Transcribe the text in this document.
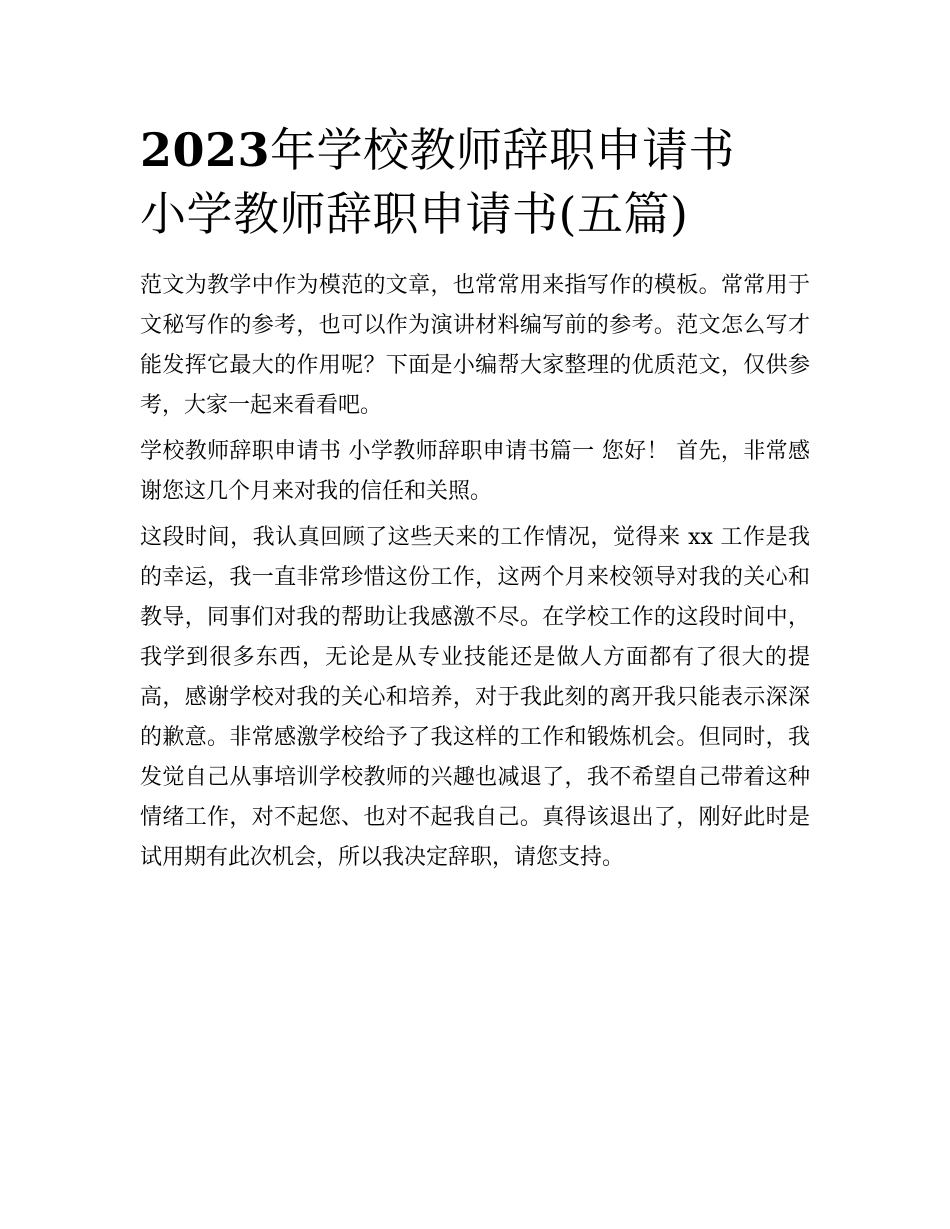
2023年学校教师辞职申请书
小学教师辞职申请书(五篇)

范文为教学中作为模范的文章，也常常用来指写作的模板。常常用于文秘写作的参考，也可以作为演讲材料编写前的参考。范文怎么写才能发挥它最大的作用呢？下面是小编帮大家整理的优质范文，仅供参考，大家一起来看看吧。

学校教师辞职申请书 小学教师辞职申请书篇一 您好！ 首先，非常感谢您这几个月来对我的信任和关照。

这段时间，我认真回顾了这些天来的工作情况，觉得来 xx 工作是我的幸运，我一直非常珍惜这份工作，这两个月来校领导对我的关心和教导，同事们对我的帮助让我感激不尽。在学校工作的这段时间中，我学到很多东西，无论是从专业技能还是做人方面都有了很大的提高，感谢学校对我的关心和培养，对于我此刻的离开我只能表示深深的歉意。非常感激学校给予了我这样的工作和锻炼机会。但同时，我发觉自己从事培训学校教师的兴趣也减退了，我不希望自己带着这种情绪工作，对不起您、也对不起我自己。真得该退出了，刚好此时是试用期有此次机会，所以我决定辞职，请您支持。
